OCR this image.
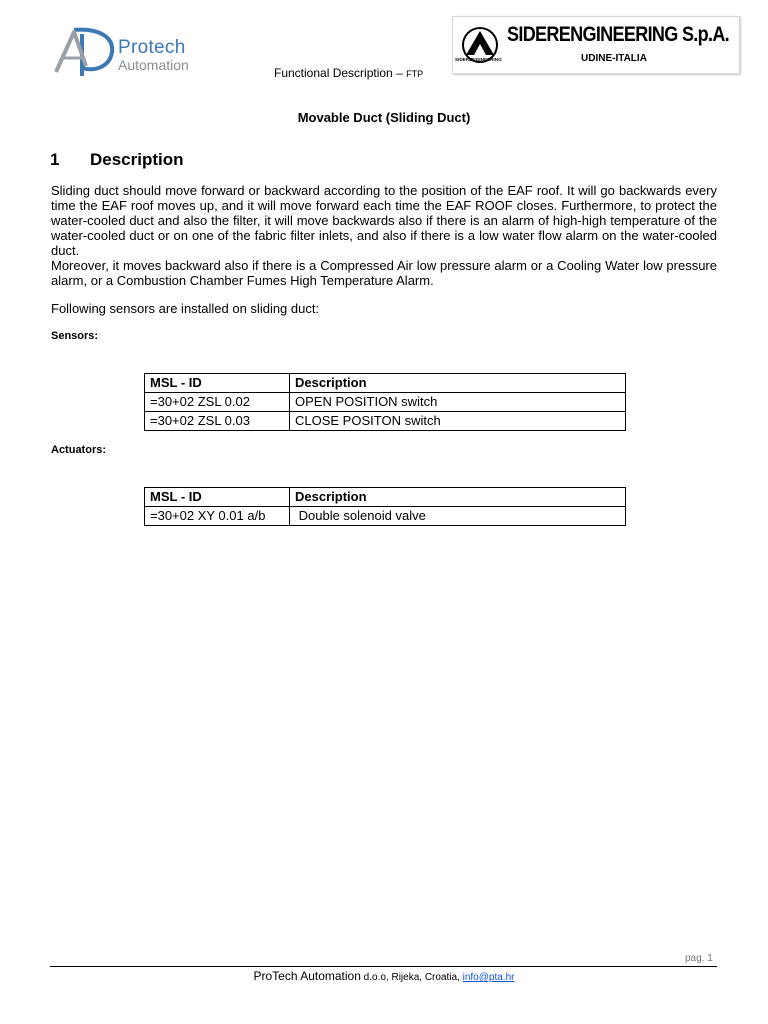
Protech
Automation	Functional Description – FTP
SIDERENGINEERING
SIDERENGINEERING S.p.A.
UDINE-ITALIA
Movable Duct (Sliding Duct)
1 Description
Sliding duct should move forward or backward according to the position of the EAF roof. It will go backwards every time the EAF roof moves up, and it will move forward each time the EAF ROOF closes. Furthermore, to protect the water-cooled duct and also the filter, it will move backwards also if there is an alarm of high-high temperature of the water-cooled duct or on one of the fabric filter inlets, and also if there is a low water flow alarm on the water-cooled duct.
Moreover, it moves backward also if there is a Compressed Air low pressure alarm or a Cooling Water low pressure alarm, or a Combustion Chamber Fumes High Temperature Alarm.
Following sensors are installed on sliding duct:
Sensors:
MSL - ID	Description
=30+02 ZSL 0.02	OPEN POSITION switch
=30+02 ZSL 0.03	CLOSE POSITON switch
Actuators:
MSL - ID	Description
=30+02 XY 0.01 a/b	Double solenoid valve
pag. 1
ProTech Automation d.o.o, Rijeka, Croatia, info@pta.hr
